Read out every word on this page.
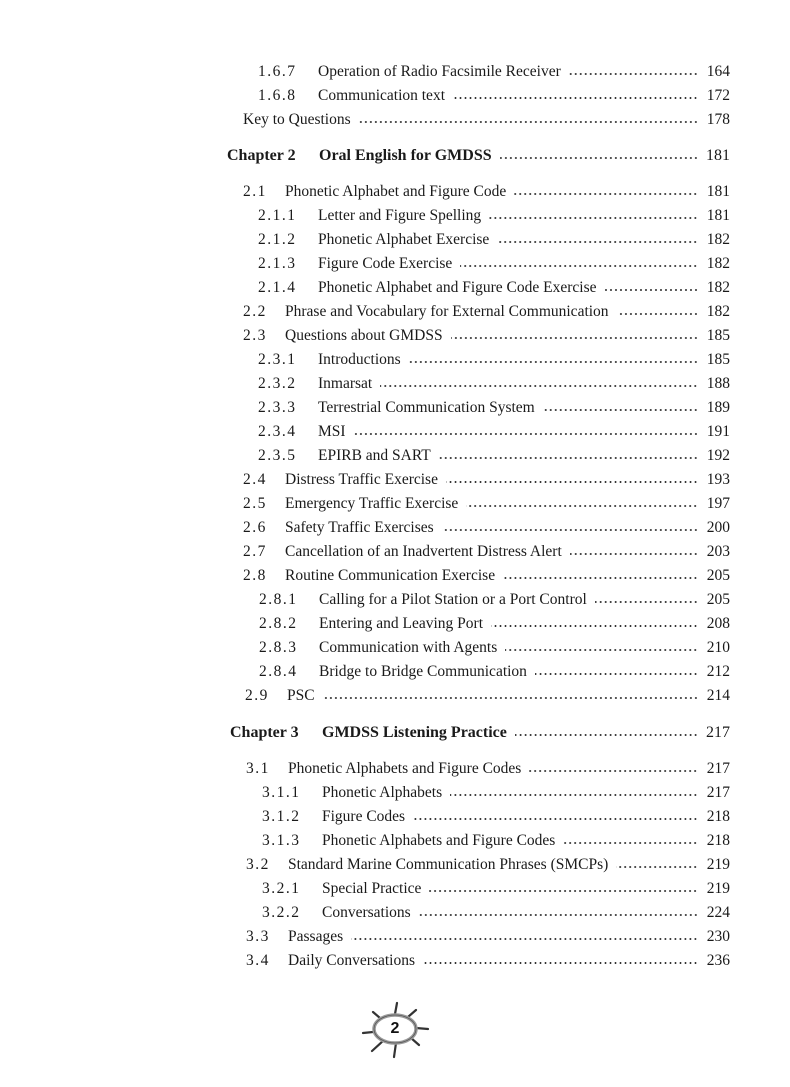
1.6.7	Operation of Radio Facsimile Receiver	164
1.6.8	Communication text	172
Key to Questions	178
Chapter 2	Oral English for GMDSS	181
2.1	Phonetic Alphabet and Figure Code	181
2.1.1	Letter and Figure Spelling	181
2.1.2	Phonetic Alphabet Exercise	182
2.1.3	Figure Code Exercise	182
2.1.4	Phonetic Alphabet and Figure Code Exercise	182
2.2	Phrase and Vocabulary for External Communication	182
2.3	Questions about GMDSS	185
2.3.1	Introductions	185
2.3.2	Inmarsat	188
2.3.3	Terrestrial Communication System	189
2.3.4	MSI	191
2.3.5	EPIRB and SART	192
2.4	Distress Traffic Exercise	193
2.5	Emergency Traffic Exercise	197
2.6	Safety Traffic Exercises	200
2.7	Cancellation of an Inadvertent Distress Alert	203
2.8	Routine Communication Exercise	205
2.8.1	Calling for a Pilot Station or a Port Control	205
2.8.2	Entering and Leaving Port	208
2.8.3	Communication with Agents	210
2.8.4	Bridge to Bridge Communication	212
2.9	PSC	214
Chapter 3	GMDSS Listening Practice	217
3.1	Phonetic Alphabets and Figure Codes	217
3.1.1	Phonetic Alphabets	217
3.1.2	Figure Codes	218
3.1.3	Phonetic Alphabets and Figure Codes	218
3.2	Standard Marine Communication Phrases (SMCPs)	219
3.2.1	Special Practice	219
3.2.2	Conversations	224
3.3	Passages	230
3.4	Daily Conversations	236
2
